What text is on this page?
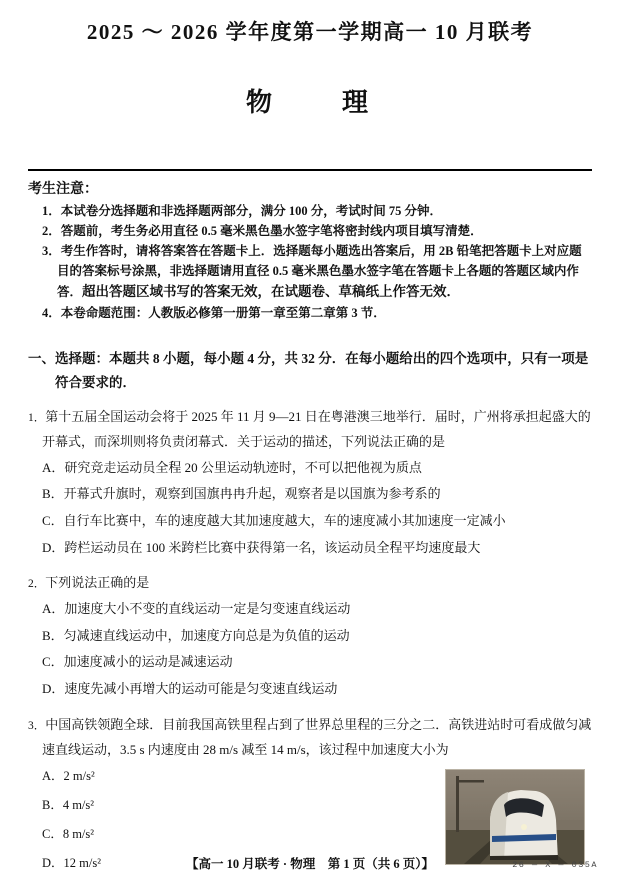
2025 ～ 2026 学年度第一学期高一 10 月联考
物　　理
考生注意：
1．本试卷分选择题和非选择题两部分，满分 100 分，考试时间 75 分钟．
2．答题前，考生务必用直径 0.5 毫米黑色墨水签字笔将密封线内项目填写清楚．
3．考生作答时，请将答案答在答题卡上．选择题每小题选出答案后，用 2B 铅笔把答题卡上对应题目的答案标号涂黑，非选择题请用直径 0.5 毫米黑色墨水签字笔在答题卡上各题的答题区域内作答．超出答题区域书写的答案无效，在试题卷、草稿纸上作答无效．
4．本卷命题范围：人教版必修第一册第一章至第二章第 3 节．
一、选择题：本题共 8 小题，每小题 4 分，共 32 分．在每小题给出的四个选项中，只有一项是符合要求的．
1．第十五届全国运动会将于 2025 年 11 月 9—21 日在粤港澳三地举行．届时，广州将承担起盛大的开幕式，而深圳则将负责闭幕式．关于运动的描述，下列说法正确的是
A．研究竞走运动员全程 20 公里运动轨迹时，不可以把他视为质点
B．开幕式升旗时，观察到国旗冉冉升起，观察者是以国旗为参考系的
C．自行车比赛中，车的速度越大其加速度越大，车的速度减小其加速度一定减小
D．跨栏运动员在 100 米跨栏比赛中获得第一名，该运动员全程平均速度最大
2．下列说法正确的是
A．加速度大小不变的直线运动一定是匀变速直线运动
B．匀减速直线运动中，加速度方向总是为负值的运动
C．加速度减小的运动是减速运动
D．速度先减小再增大的运动可能是匀变速直线运动
3．中国高铁领跑全球．目前我国高铁里程占到了世界总里程的三分之二．高铁进站时可看成做匀减速直线运动，3.5 s 内速度由 28 m/s 减至 14 m/s，该过程中加速度大小为
A．2 m/s²
B．4 m/s²
C．8 m/s²
D．12 m/s²	【高一 10 月联考 · 物理　第 1 页（共 6 页）】	26 — X — 035A
